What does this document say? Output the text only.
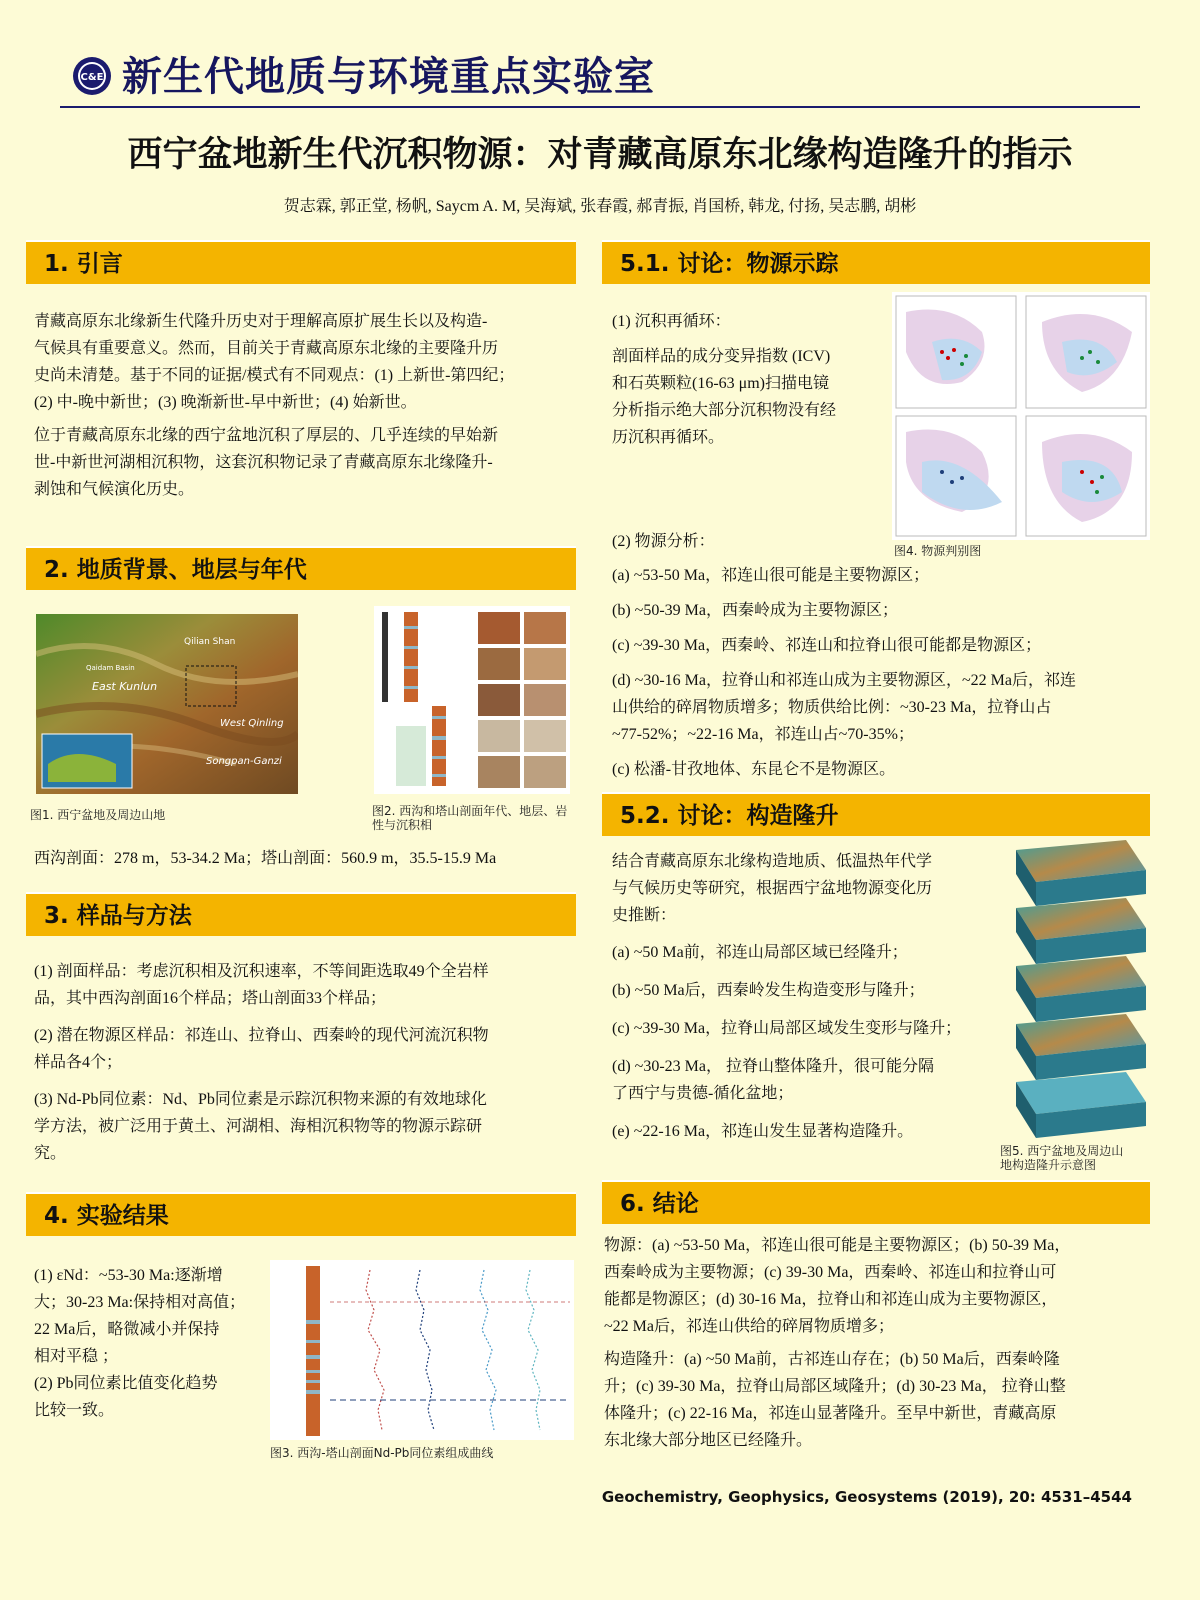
C&E 新生代地质与环境重点实验室
西宁盆地新生代沉积物源：对青藏高原东北缘构造隆升的指示
贺志霖, 郭正堂, 杨帆, Saycm A. M, 吴海斌, 张春霞, 郝青振, 肖国桥, 韩龙, 付扬, 吴志鹏, 胡彬
1. 引言

青藏高原东北缘新生代隆升历史对于理解高原扩展生长以及构造-
气候具有重要意义。然而，目前关于青藏高原东北缘的主要隆升历
史尚未清楚。基于不同的证据/模式有不同观点：(1) 上新世-第四纪；
(2) 中-晚中新世；(3) 晚渐新世-早中新世；(4) 始新世。

位于青藏高原东北缘的西宁盆地沉积了厚层的、几乎连续的早始新
世-中新世河湖相沉积物，这套沉积物记录了青藏高原东北缘隆升-
剥蚀和气候演化历史。

2. 地质背景、地层与年代
Qilian Shan
East Kunlun
West Qinling
Songpan-Ganzi
Qaidam Basin
图1. 西宁盆地及周边山地	图2. 西沟和塔山剖面年代、地层、岩性与沉积相
西沟剖面：278 m，53-34.2 Ma；塔山剖面：560.9 m，35.5-15.9 Ma
3. 样品与方法
(1) 剖面样品：考虑沉积相及沉积速率，不等间距选取49个全岩样
品，其中西沟剖面16个样品；塔山剖面33个样品；
(2) 潜在物源区样品：祁连山、拉脊山、西秦岭的现代河流沉积物
样品各4个；
(3) Nd-Pb同位素：Nd、Pb同位素是示踪沉积物来源的有效地球化
学方法，被广泛用于黄土、河湖相、海相沉积物等的物源示踪研
究。
4. 实验结果
(1) εNd：~53-30 Ma:逐渐增
大；30-23 Ma:保持相对高值；
22 Ma后，略微减小并保持
相对平稳 ；
(2) Pb同位素比值变化趋势
比较一致。
图3. 西沟-塔山剖面Nd-Pb同位素组成曲线
5.1. 讨论：物源示踪
(1) 沉积再循环：
剖面样品的成分变异指数 (ICV)
和石英颗粒(16-63 μm)扫描电镜
分析指示绝大部分沉积物没有经
历沉积再循环。
图4. 物源判别图
(2) 物源分析：
(a) ~53-50 Ma，祁连山很可能是主要物源区；
(b) ~50-39 Ma，西秦岭成为主要物源区；
(c) ~39-30 Ma，西秦岭、祁连山和拉脊山很可能都是物源区；
(d) ~30-16 Ma，拉脊山和祁连山成为主要物源区，~22 Ma后，祁连
山供给的碎屑物质增多；物质供给比例：~30-23 Ma，拉脊山占
~77-52%；~22-16 Ma，祁连山占~70-35%；
(c) 松潘-甘孜地体、东昆仑不是物源区。
5.2. 讨论：构造隆升
结合青藏高原东北缘构造地质、低温热年代学
与气候历史等研究，根据西宁盆地物源变化历
史推断：
(a) ~50 Ma前，祁连山局部区域已经隆升；
(b) ~50 Ma后，西秦岭发生构造变形与隆升；
(c) ~39-30 Ma，拉脊山局部区域发生变形与隆升；
(d) ~30-23 Ma， 拉脊山整体隆升，很可能分隔
了西宁与贵德-循化盆地；
(e) ~22-16 Ma，祁连山发生显著构造隆升。
图5. 西宁盆地及周边山
地构造隆升示意图
6. 结论

物源：(a) ~53-50 Ma，祁连山很可能是主要物源区；(b) 50-39 Ma，
西秦岭成为主要物源；(c) 39-30 Ma，西秦岭、祁连山和拉脊山可
能都是物源区；(d) 30-16 Ma，拉脊山和祁连山成为主要物源区，
~22 Ma后，祁连山供给的碎屑物质增多；

构造隆升：(a) ~50 Ma前，古祁连山存在；(b) 50 Ma后，西秦岭隆
升；(c) 39-30 Ma，拉脊山局部区域隆升；(d) 30-23 Ma， 拉脊山整
体隆升；(c) 22-16 Ma，祁连山显著隆升。至早中新世，青藏高原
东北缘大部分地区已经隆升。

Geochemistry, Geophysics, Geosystems (2019), 20: 4531–4544
